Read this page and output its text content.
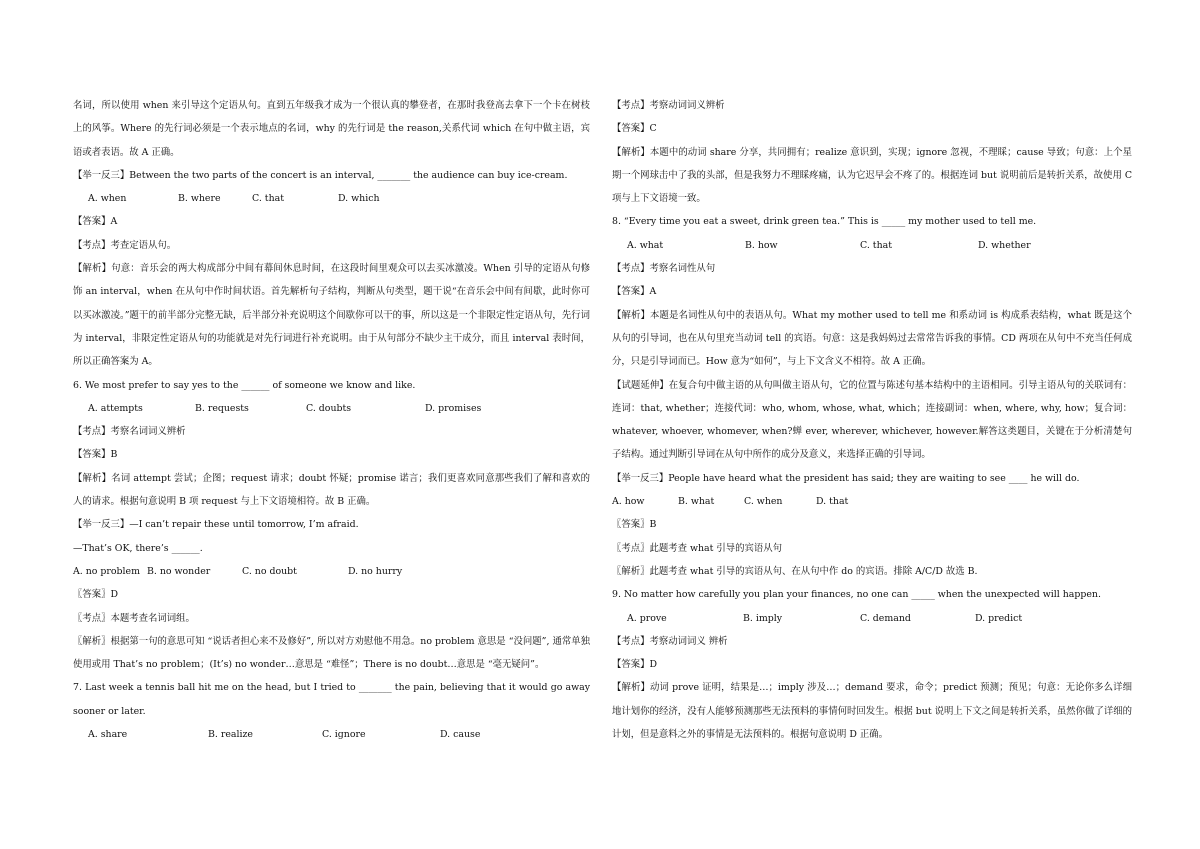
名词，所以使用 when 来引导这个定语从句。直到五年级我才成为一个很认真的攀登者，在那时我登高去拿下一个卡在树枝上的风筝。Where 的先行词必须是一个表示地点的名词，why 的先行词是 the reason,关系代词 which 在句中做主语，宾语或者表语。故 A 正确。

【举一反三】Between the two parts of the concert is an interval, _______ the audience can buy ice-cream.

A. when	B. where	C. that	D. which

【答案】A

【考点】考查定语从句。

【解析】句意：音乐会的两大构成部分中间有幕间休息时间，在这段时间里观众可以去买冰激凌。When 引导的定语从句修饰 an interval，when 在从句中作时间状语。首先解析句子结构，判断从句类型，题干说“在音乐会中间有间歇，此时你可以买冰激凌。”题干的前半部分完整无缺，后半部分补充说明这个间歇你可以干的事，所以这是一个非限定性定语从句，先行词为 interval，非限定性定语从句的功能就是对先行词进行补充说明。由于从句部分不缺少主干成分，而且 interval 表时间，所以正确答案为 A。

6. We most prefer to say yes to the ______ of someone we know and like.

A. attempts	B. requests	C. doubts	D. promises

【考点】考察名词词义辨析

【答案】B

【解析】名词 attempt 尝试；企图；request 请求；doubt 怀疑；promise 诺言；我们更喜欢同意那些我们了解和喜欢的人的请求。根据句意说明 B 项 request 与上下文语境相符。故 B 正确。

【举一反三】—I can’t repair these until tomorrow, I’m afraid.

—That’s OK, there’s ______.

A. no problem B. no wonder	C. no doubt	D. no hurry

〖答案〗D

〖考点〗本题考查名词词组。

〖解析〗根据第一句的意思可知 “说话者担心来不及修好”, 所以对方劝慰他不用急。no problem 意思是 “没问题”, 通常单独使用或用 That’s no problem；(It’s) no wonder…意思是 “难怪”；There is no doubt…意思是 “毫无疑问”。

7. Last week a tennis ball hit me on the head, but I tried to _______ the pain, believing that it would go away sooner or later.

A. share	B. realize	C. ignore	D. cause

【考点】考察动词词义辨析

【答案】C

【解析】本题中的动词 share 分享，共同拥有；realize 意识到，实现；ignore 忽视，不理睬；cause 导致；句意：上个星期一个网球击中了我的头部，但是我努力不理睬疼痛，认为它迟早会不疼了的。根据连词 but 说明前后是转折关系，故使用 C 项与上下文语境一致。

8. “Every time you eat a sweet, drink green tea.” This is _____ my mother used to tell me.

A. what	B. how	C. that	D. whether

【考点】考察名词性从句

【答案】A

【解析】本题是名词性从句中的表语从句。What my mother used to tell me 和系动词 is 构成系表结构，what 既是这个从句的引导词，也在从句里充当动词 tell 的宾语。句意：这是我妈妈过去常常告诉我的事情。CD 两项在从句中不充当任何成分，只是引导词而已。How 意为“如何”，与上下文含义不相符。故 A 正确。

【试题延伸】在复合句中做主语的从句叫做主语从句，它的位置与陈述句基本结构中的主语相同。引导主语从句的关联词有：连词：that, whether；连接代词：who, whom, whose, what, which；连接副词：when, where, why, how；复合词：whatever, whoever, whomever, when?蝉 ever, wherever, whichever, however.解答这类题目，关键在于分析清楚句子结构。通过判断引导词在从句中所作的成分及意义，来选择正确的引导词。

【举一反三】People have heard what the president has said; they are waiting to see ____ he will do.

A. how	B. what	C. when	D. that

〖答案〗B

〖考点〗此题考查 what 引导的宾语从句

〖解析〗此题考查 what 引导的宾语从句、在从句中作 do 的宾语。排除 A/C/D 故选 B.

9. No matter how carefully you plan your finances, no one can _____ when the unexpected will happen.

A. prove	B. imply	C. demand	D. predict

【考点】考察动词词义 辨析

【答案】D

【解析】动词 prove 证明，结果是…；imply 涉及…；demand 要求，命令；predict 预测；预见；句意：无论你多么详细地计划你的经济，没有人能够预测那些无法预料的事情何时回发生。根据 but 说明上下文之间是转折关系，虽然你做了详细的计划，但是意料之外的事情是无法预料的。根据句意说明 D 正确。
